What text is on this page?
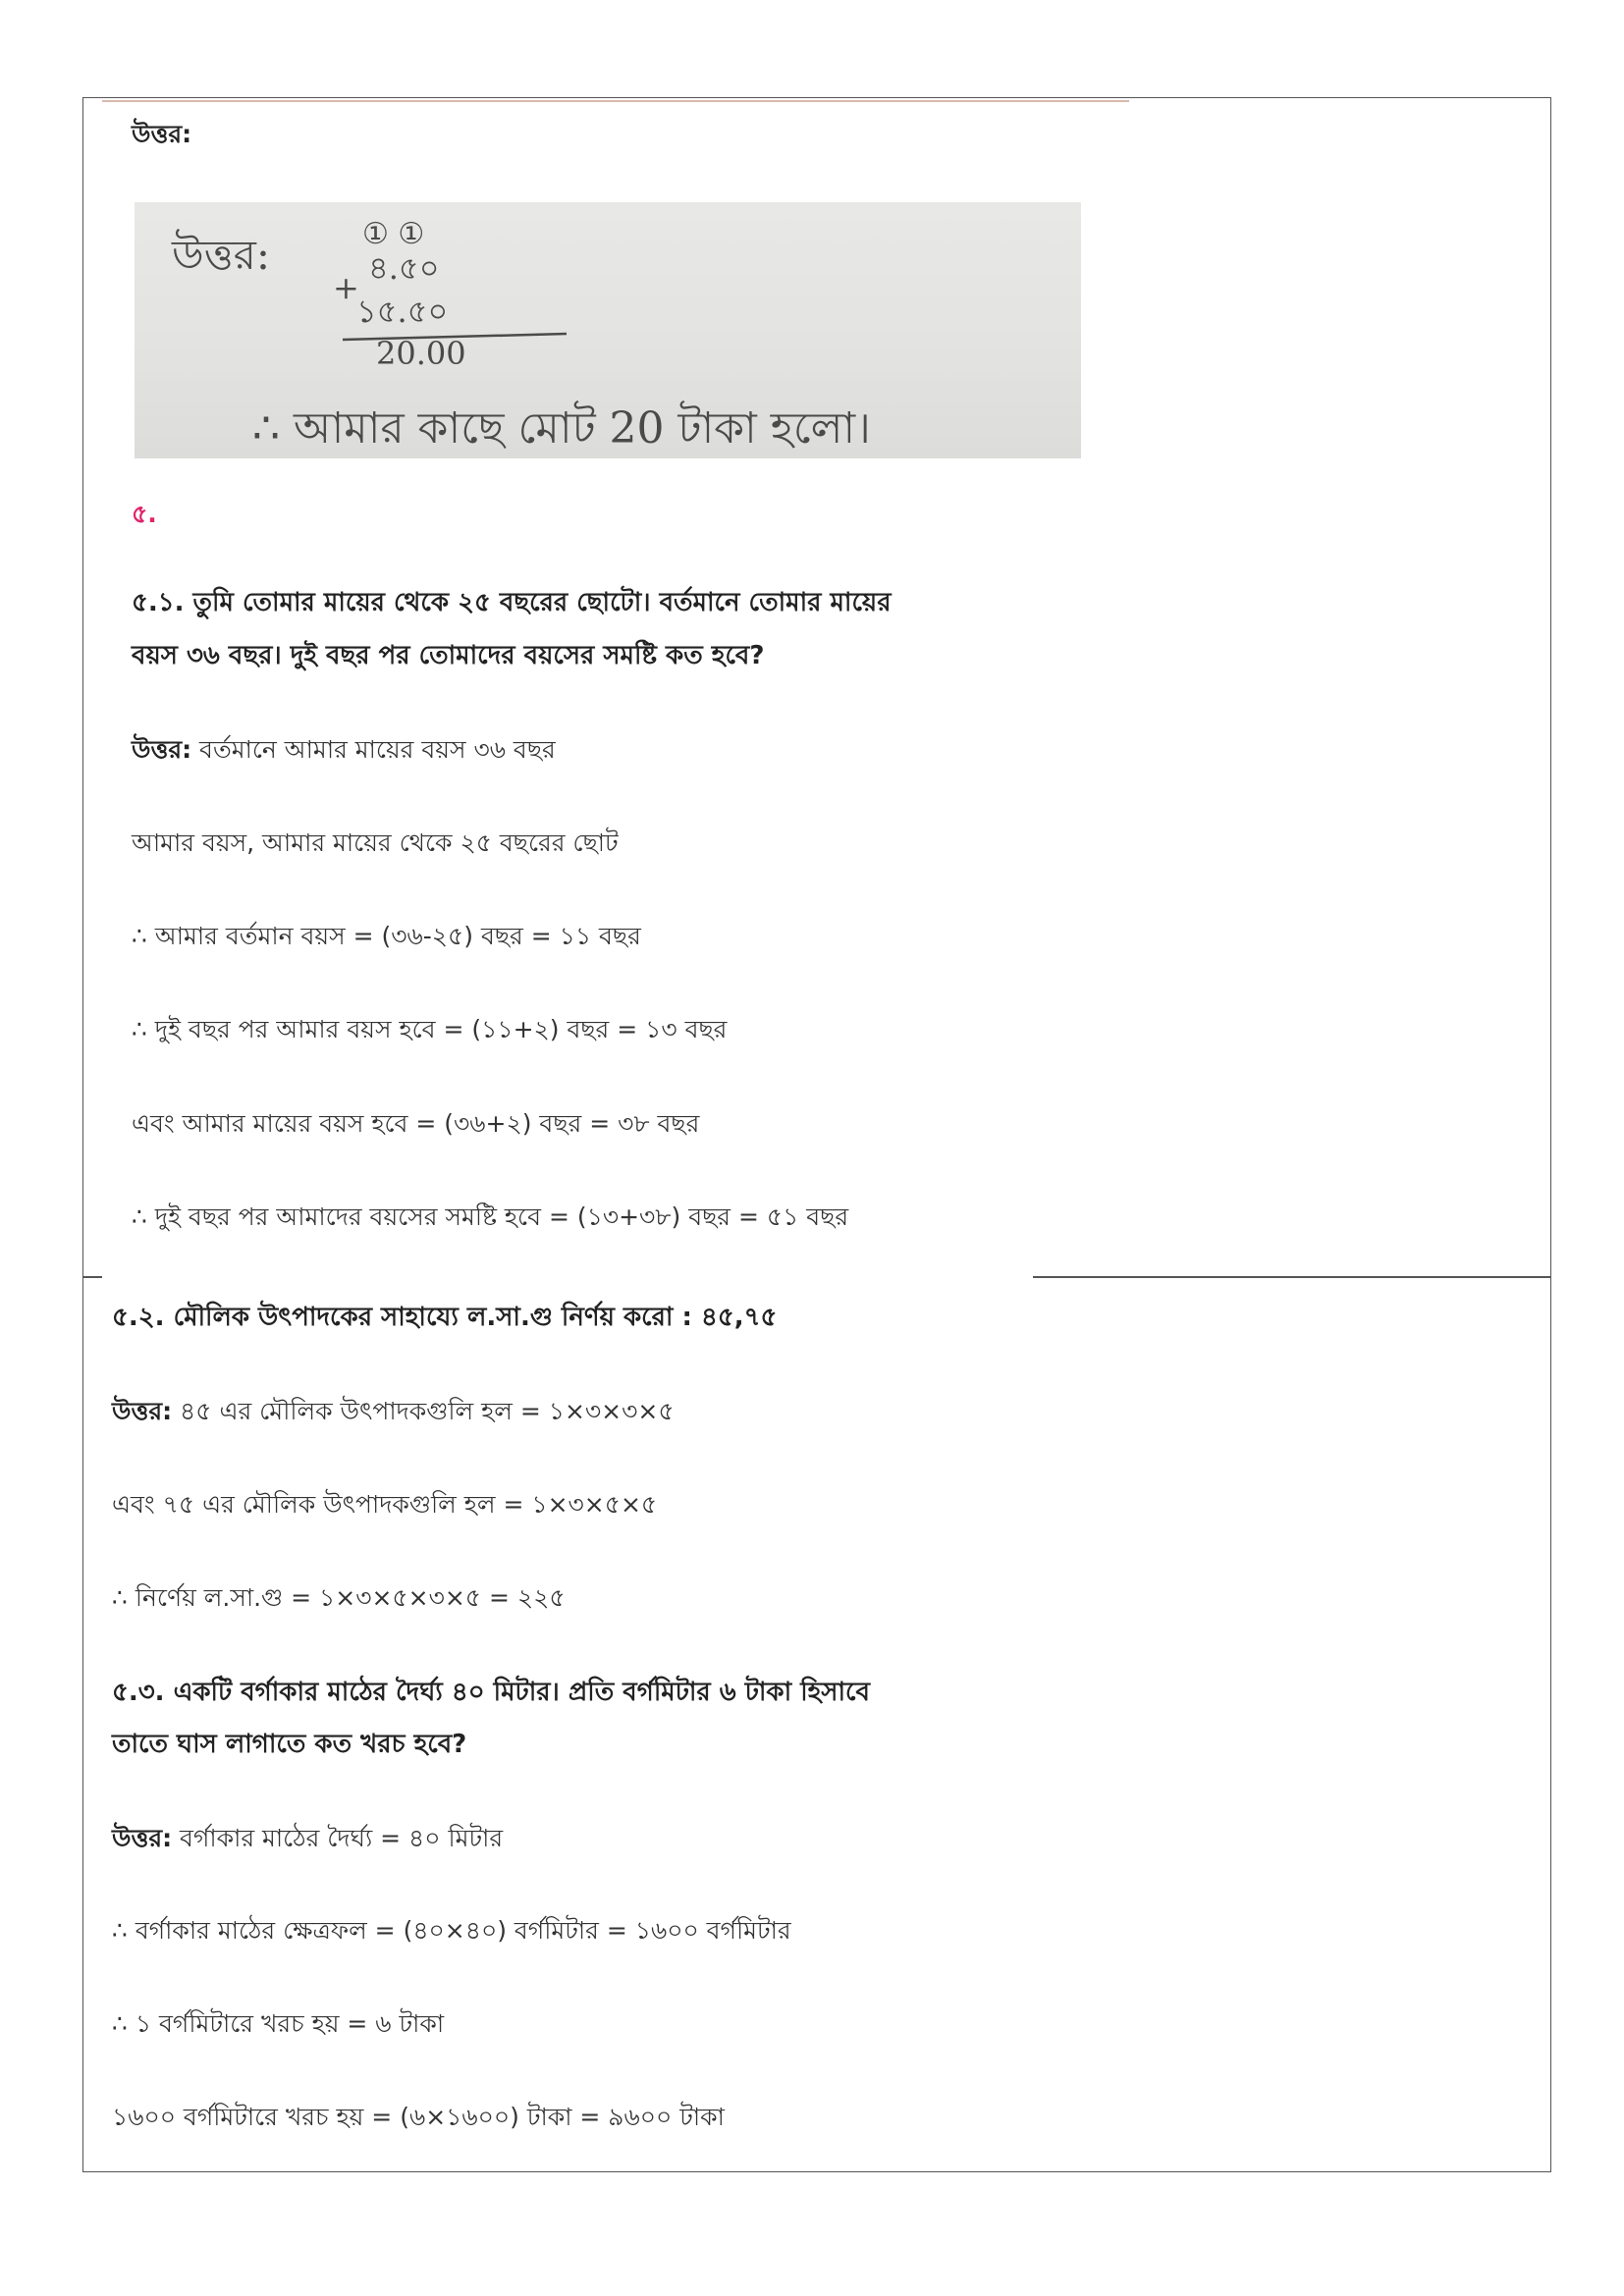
উত্তর:
উত্তর:	① ①
৪.৫০
+
১৫.৫০
20.00
∴ আমার কাছে মোট 20 টাকা হলো।
৫.
৫.১. তুমি তোমার মায়ের থেকে ২৫ বছরের ছোটো। বর্তমানে তোমার মায়ের
বয়স ৩৬ বছর। দুই বছর পর তোমাদের বয়সের সমষ্টি কত হবে?
উত্তর: বর্তমানে আমার মায়ের বয়স ৩৬ বছর
আমার বয়স, আমার মায়ের থেকে ২৫ বছরের ছোট
∴ আমার বর্তমান বয়স = (৩৬-২৫) বছর = ১১ বছর
∴ দুই বছর পর আমার বয়স হবে = (১১+২) বছর = ১৩ বছর
এবং আমার মায়ের বয়স হবে = (৩৬+২) বছর = ৩৮ বছর
∴ দুই বছর পর আমাদের বয়সের সমষ্টি হবে = (১৩+৩৮) বছর = ৫১ বছর
৫.২. মৌলিক উৎপাদকের সাহায্যে ল.সা.গু নির্ণয় করো : ৪৫,৭৫
উত্তর: ৪৫ এর মৌলিক উৎপাদকগুলি হল = ১×৩×৩×৫
এবং ৭৫ এর মৌলিক উৎপাদকগুলি হল = ১×৩×৫×৫
∴ নির্ণেয় ল.সা.গু = ১×৩×৫×৩×৫ = ২২৫
৫.৩. একটি বর্গাকার মাঠের দৈর্ঘ্য ৪০ মিটার। প্রতি বর্গমিটার ৬ টাকা হিসাবে
তাতে ঘাস লাগাতে কত খরচ হবে?
উত্তর: বর্গাকার মাঠের দৈর্ঘ্য = ৪০ মিটার
∴ বর্গাকার মাঠের ক্ষেত্রফল = (৪০×৪০) বর্গমিটার = ১৬০০ বর্গমিটার
∴ ১ বর্গমিটারে খরচ হয় = ৬ টাকা
১৬০০ বর্গমিটারে খরচ হয় = (৬×১৬০০) টাকা = ৯৬০০ টাকা
